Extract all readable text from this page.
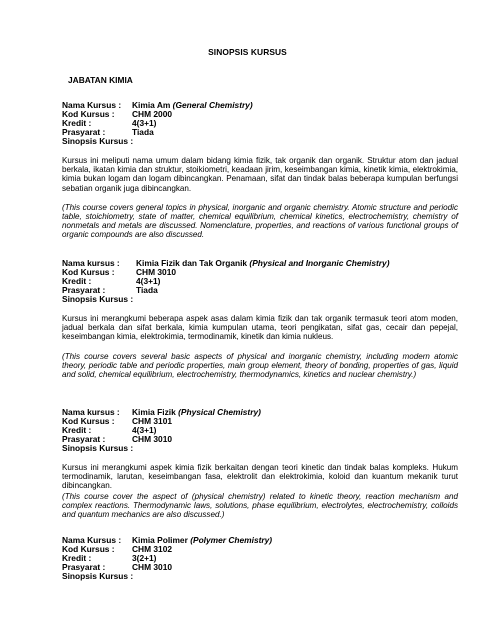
SINOPSIS KURSUS
JABATAN KIMIA
Nama Kursus :	Kimia Am (General Chemistry)
Kod Kursus :	CHM 2000
Kredit :	4(3+1)
Prasyarat :	Tiada
Sinopsis Kursus :

Kursus ini meliputi nama umum dalam bidang kimia fizik, tak organik dan organik. Struktur atom dan jadual berkala, ikatan kimia dan struktur, stoikiometri, keadaan jirim, keseimbangan kimia, kinetik kimia, elektrokimia, kimia bukan logam dan logam dibincangkan. Penamaan, sifat dan tindak balas beberapa kumpulan berfungsi sebatian organik juga dibincangkan.

(This course covers general topics in physical, inorganic and organic chemistry. Atomic structure and periodic table, stoichiometry, state of matter, chemical equilibrium, chemical kinetics, electrochemistry, chemistry of nonmetals and metals are discussed. Nomenclature, properties, and reactions of various functional groups of organic compounds are also discussed.

Nama kursus :	Kimia Fizik dan Tak Organik (Physical and Inorganic Chemistry)
Kod Kursus :	CHM 3010
Kredit :	4(3+1)
Prasyarat :	Tiada
Sinopsis Kursus :

Kursus ini merangkumi beberapa aspek asas dalam kimia fizik dan tak organik termasuk teori atom moden, jadual berkala dan sifat berkala, kimia kumpulan utama, teori pengikatan, sifat gas, cecair dan pepejal, keseimbangan kimia, elektrokimia, termodinamik, kinetik dan kimia nukleus.

(This course covers several basic aspects of physical and inorganic chemistry, including modern atomic theory, periodic table and periodic properties, main group element, theory of bonding, properties of gas, liquid and solid, chemical equilibrium, electrochemistry, thermodynamics, kinetics and nuclear chemistry.)

Nama kursus :	Kimia Fizik (Physical Chemistry)
Kod Kursus :	CHM 3101
Kredit :	4(3+1)
Prasyarat :	CHM 3010
Sinopsis Kursus :

Kursus ini merangkumi aspek kimia fizik berkaitan dengan teori kinetic dan tindak balas kompleks. Hukum termodinamik, larutan, keseimbangan fasa, elektrolit dan elektrokimia, koloid dan kuantum mekanik turut dibincangkan.

(This course cover the aspect of (physical chemistry) related to kinetic theory, reaction mechanism and complex reactions. Thermodynamic laws, solutions, phase equilibrium, electrolytes, electrochemistry, colloids and quantum mechanics are also discussed.)

Nama Kursus :	Kimia Polimer (Polymer Chemistry)
Kod Kursus :	CHM 3102
Kredit :	3(2+1)
Prasyarat :	CHM 3010
Sinopsis Kursus :
